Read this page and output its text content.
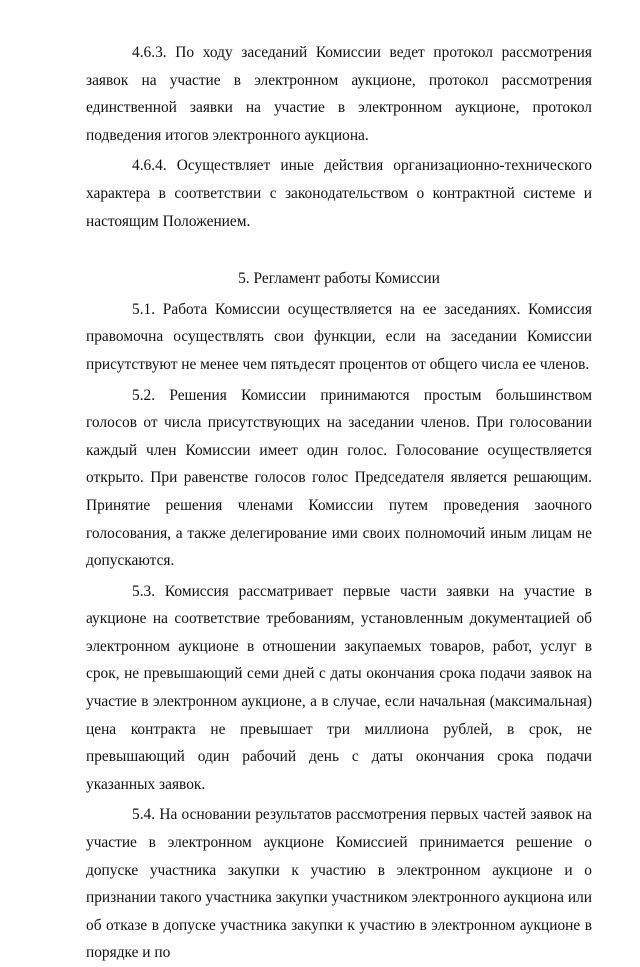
4.6.3. По ходу заседаний Комиссии ведет протокол рассмотрения заявок на участие в электронном аукционе, протокол рассмотрения единственной заявки на участие в электронном аукционе, протокол подведения итогов электронного аукциона.

4.6.4. Осуществляет иные действия организационно-технического характера в соответствии с законодательством о контрактной системе и настоящим Положением.

5. Регламент работы Комиссии

5.1. Работа Комиссии осуществляется на ее заседаниях. Комиссия правомочна осуществлять свои функции, если на заседании Комиссии присутствуют не менее чем пятьдесят процентов от общего числа ее членов.

5.2. Решения Комиссии принимаются простым большинством голосов от числа присутствующих на заседании членов. При голосовании каждый член Комиссии имеет один голос. Голосование осуществляется открыто. При равенстве голосов голос Председателя является решающим. Принятие решения членами Комиссии путем проведения заочного голосования, а также делегирование ими своих полномочий иным лицам не допускаются.

5.3. Комиссия рассматривает первые части заявки на участие в аукционе на соответствие требованиям, установленным документацией об электронном аукционе в отношении закупаемых товаров, работ, услуг в срок, не превышающий семи дней с даты окончания срока подачи заявок на участие в электронном аукционе, а в случае, если начальная (максимальная) цена контракта не превышает три миллиона рублей, в срок, не превышающий один рабочий день с даты окончания срока подачи указанных заявок.

5.4. На основании результатов рассмотрения первых частей заявок на участие в электронном аукционе Комиссией принимается решение о допуске участника закупки к участию в электронном аукционе и о признании такого участника закупки участником электронного аукциона или об отказе в допуске участника закупки к участию в электронном аукционе в порядке и по
